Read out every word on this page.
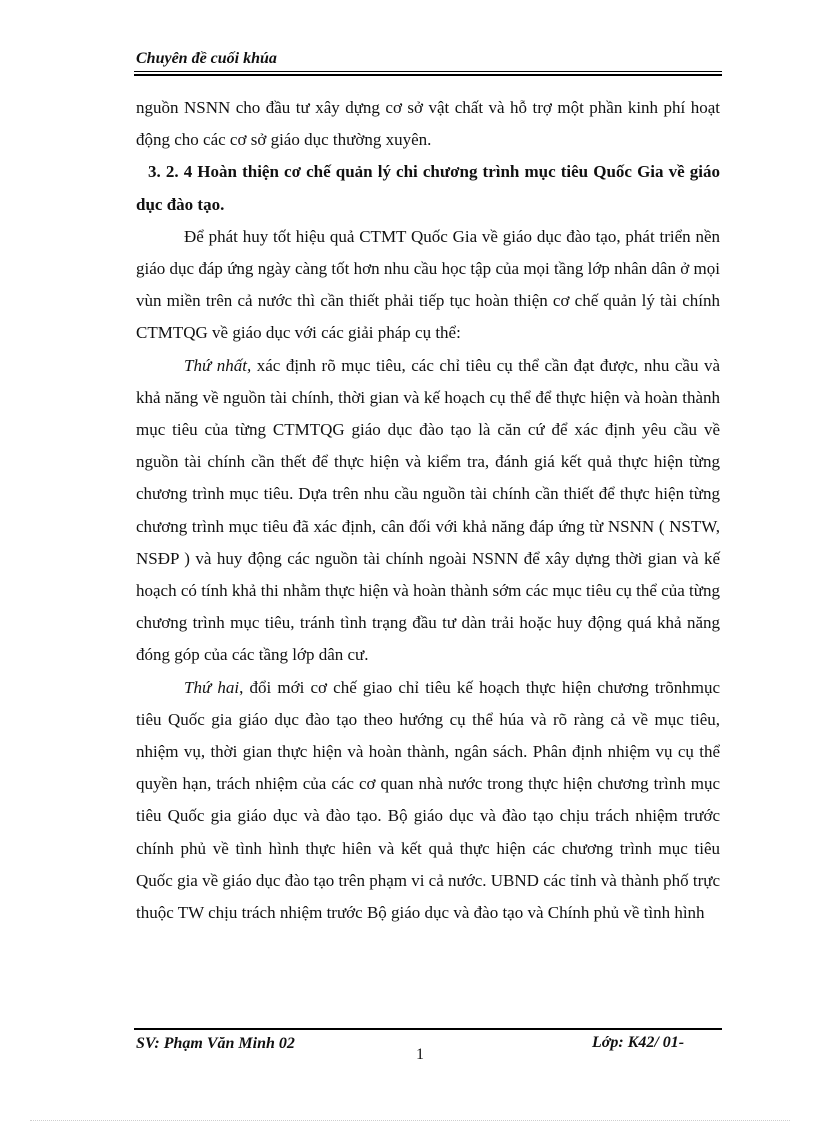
Chuyên đề cuối khúa

nguồn NSNN cho đầu tư xây dựng cơ sở vật chất và hỗ trợ một phần kinh phí hoạt động cho các cơ sở giáo dục thường xuyên.

3. 2. 4 Hoàn thiện cơ chế quản lý chi chương trình mục tiêu Quốc Gia về giáo dục đào tạo.

Để phát huy tốt hiệu quả CTMT Quốc Gia về giáo dục đào tạo, phát triển nền giáo dục đáp ứng ngày càng tốt hơn nhu cầu học tập của mọi tầng lớp nhân dân ở mọi vùn miền trên cả nước thì cần thiết phải tiếp tục hoàn thiện cơ chế quản lý tài chính CTMTQG về giáo dục với các giải pháp cụ thể:

Thứ nhất, xác định rõ mục tiêu, các chỉ tiêu cụ thể cần đạt được, nhu cầu và khả năng về nguồn tài chính, thời gian và kế hoạch cụ thể để thực hiện và hoàn thành mục tiêu của từng CTMTQG giáo dục đào tạo là căn cứ để xác định yêu cầu về nguồn tài chính cần thết để thực hiện và kiểm tra, đánh giá kết quả thực hiện từng chương trình mục tiêu. Dựa trên nhu cầu nguồn tài chính cần thiết để thực hiện từng chương trình mục tiêu đã xác định, cân đối với khả năng đáp ứng từ NSNN ( NSTW, NSĐP ) và huy động các nguồn tài chính ngoài NSNN để xây dựng thời gian và kế hoạch có tính khả thi nhằm thực hiện và hoàn thành sớm các mục tiêu cụ thể của từng chương trình mục tiêu, tránh tình trạng đầu tư dàn trải hoặc huy động quá khả năng đóng góp của các tầng lớp dân cư.

Thứ hai, đổi mới cơ chế giao chỉ tiêu kế hoạch thực hiện chương trõnhmục tiêu Quốc gia giáo dục đào tạo theo hướng cụ thể húa và rõ ràng cả về mục tiêu, nhiệm vụ, thời gian thực hiện và hoàn thành, ngân sách. Phân định nhiệm vụ cụ thể quyền hạn, trách nhiệm của các cơ quan nhà nước trong thực hiện chương trình mục tiêu Quốc gia giáo dục và đào tạo. Bộ giáo dục và đào tạo chịu trách nhiệm trước chính phủ về tình hình thực hiên và kết quả thực hiện các chương trình mục tiêu Quốc gia về giáo dục đào tạo trên phạm vi cả nước. UBND các tỉnh và thành phố trực thuộc TW chịu trách nhiệm trước Bộ giáo dục và đào tạo và Chính phủ về tình hình

SV: Phạm Văn Minh 02
1
Lớp: K42/ 01-
